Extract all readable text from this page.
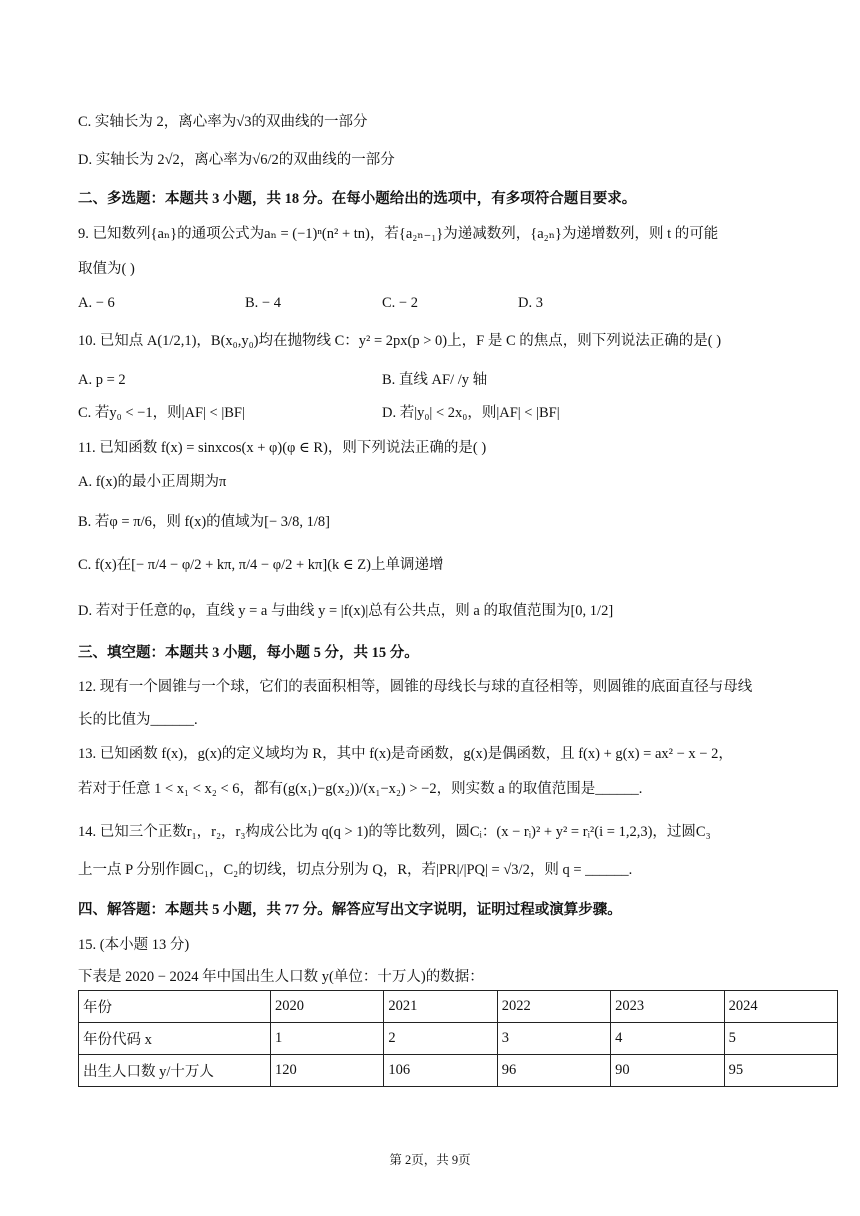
C. 实轴长为 2，离心率为√3的双曲线的一部分
D. 实轴长为 2√2，离心率为√6/2的双曲线的一部分
二、多选题：本题共 3 小题，共 18 分。在每小题给出的选项中，有多项符合题目要求。
9. 已知数列{aₙ}的通项公式为aₙ = (−1)ⁿ(n² + tn)，若{a₂ₙ₋₁}为递减数列，{a₂ₙ}为递增数列，则 t 的可能
取值为( )
A. − 6	B. − 4	C. − 2	D. 3
10. 已知点 A(1/2,1)，B(x₀,y₀)均在抛物线 C：y² = 2px(p > 0)上，F 是 C 的焦点，则下列说法正确的是( )
A. p = 2	B. 直线 AF/ /y 轴
C. 若y₀ < −1，则|AF| < |BF|	D. 若|y₀| < 2x₀，则|AF| < |BF|
11. 已知函数 f(x) = sinxcos(x + φ)(φ ∈ R)，则下列说法正确的是( )
A. f(x)的最小正周期为π
B. 若φ = π/6，则 f(x)的值域为[− 3/8, 1/8]
C. f(x)在[− π/4 − φ/2 + kπ, π/4 − φ/2 + kπ](k ∈ Z)上单调递增
D. 若对于任意的φ，直线 y = a 与曲线 y = |f(x)|总有公共点，则 a 的取值范围为[0, 1/2]
三、填空题：本题共 3 小题，每小题 5 分，共 15 分。
12. 现有一个圆锥与一个球，它们的表面积相等，圆锥的母线长与球的直径相等，则圆锥的底面直径与母线
长的比值为______.
13. 已知函数 f(x)，g(x)的定义域均为 R，其中 f(x)是奇函数，g(x)是偶函数，且 f(x) + g(x) = ax² − x − 2，
若对于任意 1 < x₁ < x₂ < 6，都有(g(x₁)−g(x₂))/(x₁−x₂) > −2，则实数 a 的取值范围是______.
14. 已知三个正数r₁，r₂，r₃构成公比为 q(q > 1)的等比数列，圆Cᵢ：(x − rᵢ)² + y² = rᵢ²(i = 1,2,3)，过圆C₃
上一点 P 分别作圆C₁，C₂的切线，切点分别为 Q，R，若|PR|/|PQ| = √3/2，则 q = ______.
四、解答题：本题共 5 小题，共 77 分。解答应写出文字说明，证明过程或演算步骤。
15. (本小题 13 分)
下表是 2020 − 2024 年中国出生人口数 y(单位：十万人)的数据：
年份	2020	2021	2022	2023	2024
年份代码 x	1	2	3	4	5
出生人口数 y/十万人	120	106	96	90	95
第 2页，共 9页
